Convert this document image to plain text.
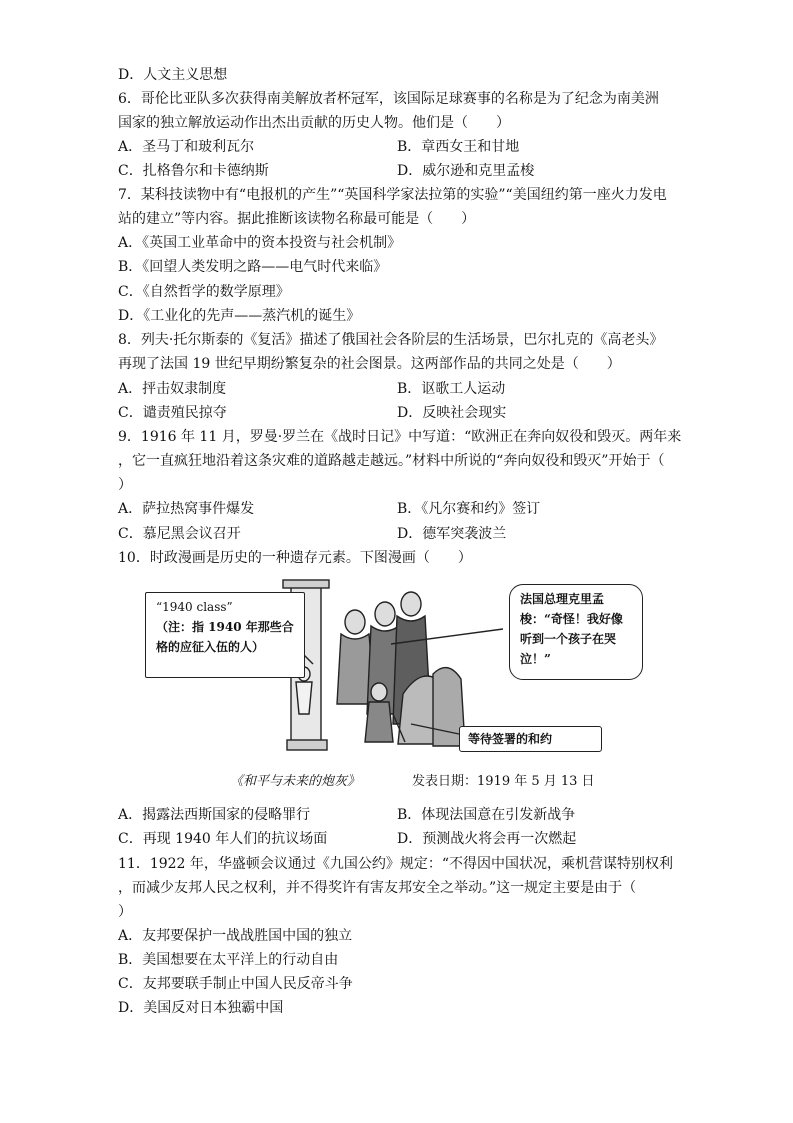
D．人文主义思想
6．哥伦比亚队多次获得南美解放者杯冠军，该国际足球赛事的名称是为了纪念为南美洲
国家的独立解放运动作出杰出贡献的历史人物。他们是（　　）
A．圣马丁和玻利瓦尔	B．章西女王和甘地
C．扎格鲁尔和卡德纳斯	D．威尔逊和克里孟梭
7．某科技读物中有“电报机的产生”“英国科学家法拉第的实验”“美国纽约第一座火力发电
站的建立”等内容。据此推断该读物名称最可能是（　　）
A．《英国工业革命中的资本投资与社会机制》
B．《回望人类发明之路——电气时代来临》
C．《自然哲学的数学原理》
D．《工业化的先声——蒸汽机的诞生》
8．列夫·托尔斯泰的《复活》描述了俄国社会各阶层的生活场景，巴尔扎克的《高老头》
再现了法国 19 世纪早期纷繁复杂的社会图景。这两部作品的共同之处是（　　）
A．抨击奴隶制度	B．讴歌工人运动
C．谴责殖民掠夺	D．反映社会现实
9．1916 年 11 月，罗曼·罗兰在《战时日记》中写道：“欧洲正在奔向奴役和毁灭。两年来
，它一直疯狂地沿着这条灾难的道路越走越远。”材料中所说的“奔向奴役和毁灭”开始于（
）
A．萨拉热窝事件爆发	B．《凡尔赛和约》签订
C．慕尼黑会议召开	D．德军突袭波兰
10．时政漫画是历史的一种遗存元素。下图漫画（　　）
“1940 class”
（注：指 1940 年那些合格的应征入伍的人）
法国总理克里孟梭：“奇怪！我好像听到一个孩子在哭泣！”
等待签署的和约
《和平与未来的炮灰》	发表日期：1919 年 5 月 13 日
A．揭露法西斯国家的侵略罪行	B．体现法国意在引发新战争
C．再现 1940 年人们的抗议场面	D．预测战火将会再一次燃起
11．1922 年，华盛顿会议通过《九国公约》规定：“不得因中国状况，乘机营谋特别权利
，而减少友邦人民之权利，并不得奖许有害友邦安全之举动。”这一规定主要是由于（
）
A．友邦要保护一战战胜国中国的独立
B．美国想要在太平洋上的行动自由
C．友邦要联手制止中国人民反帝斗争
D．美国反对日本独霸中国
